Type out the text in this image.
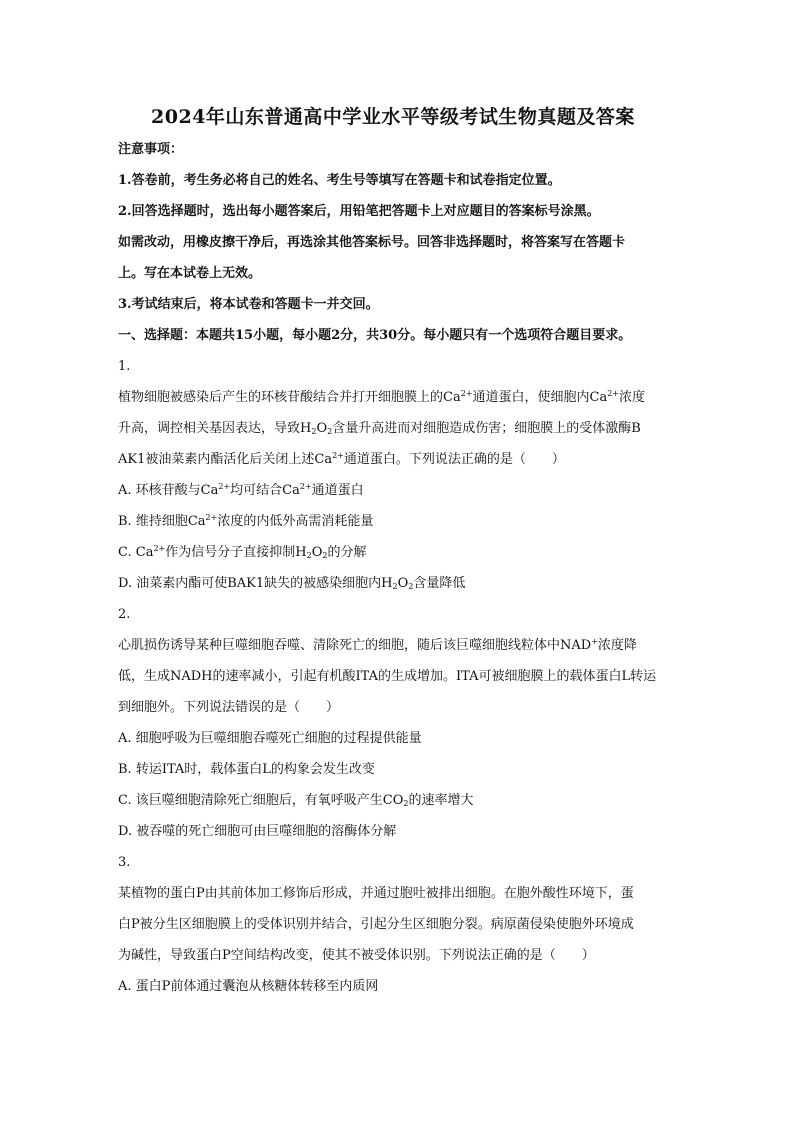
2024年山东普通高中学业水平等级考试生物真题及答案
注意事项：
1.答卷前，考生务必将自己的姓名、考生号等填写在答题卡和试卷指定位置。
2.回答选择题时，选出每小题答案后，用铅笔把答题卡上对应题目的答案标号涂黑。
如需改动，用橡皮擦干净后，再选涂其他答案标号。回答非选择题时，将答案写在答题卡
上。写在本试卷上无效。
3.考试结束后，将本试卷和答题卡一并交回。
一、选择题：本题共15小题，每小题2分，共30分。每小题只有一个选项符合题目要求。
1.
植物细胞被感染后产生的环核苷酸结合并打开细胞膜上的$Ca^{2+}$通道蛋白，使细胞内$Ca^{2+}$浓度
升高，调控相关基因表达，导致$H_2O_2$含量升高进而对细胞造成伤害；细胞膜上的受体激酶B
AK1被油菜素内酯活化后关闭上述$Ca^{2+}$通道蛋白。下列说法正确的是（　　）
A. 环核苷酸与$Ca^{2+}$均可结合$Ca^{2+}$通道蛋白
B. 维持细胞$Ca^{2+}$浓度的内低外高需消耗能量
C. $Ca^{2+}$作为信号分子直接抑制$H_2O_2$的分解
D. 油菜素内酯可使BAK1缺失的被感染细胞内$H_2O_2$含量降低
2.
心肌损伤诱导某种巨噬细胞吞噬、清除死亡的细胞，随后该巨噬细胞线粒体中NAD+浓度降
低，生成NADH的速率减小，引起有机酸ITA的生成增加。ITA可被细胞膜上的载体蛋白L转运
到细胞外。下列说法错误的是（　　）
A. 细胞呼吸为巨噬细胞吞噬死亡细胞的过程提供能量
B. 转运ITA时，载体蛋白L的构象会发生改变
C. 该巨噬细胞清除死亡细胞后，有氧呼吸产生$CO_2$的速率增大
D. 被吞噬的死亡细胞可由巨噬细胞的溶酶体分解
3.
某植物的蛋白P由其前体加工修饰后形成，并通过胞吐被排出细胞。在胞外酸性环境下，蛋
白P被分生区细胞膜上的受体识别并结合，引起分生区细胞分裂。病原菌侵染使胞外环境成
为碱性，导致蛋白P空间结构改变，使其不被受体识别。下列说法正确的是（　　）
A. 蛋白P前体通过囊泡从核糖体转移至内质网
